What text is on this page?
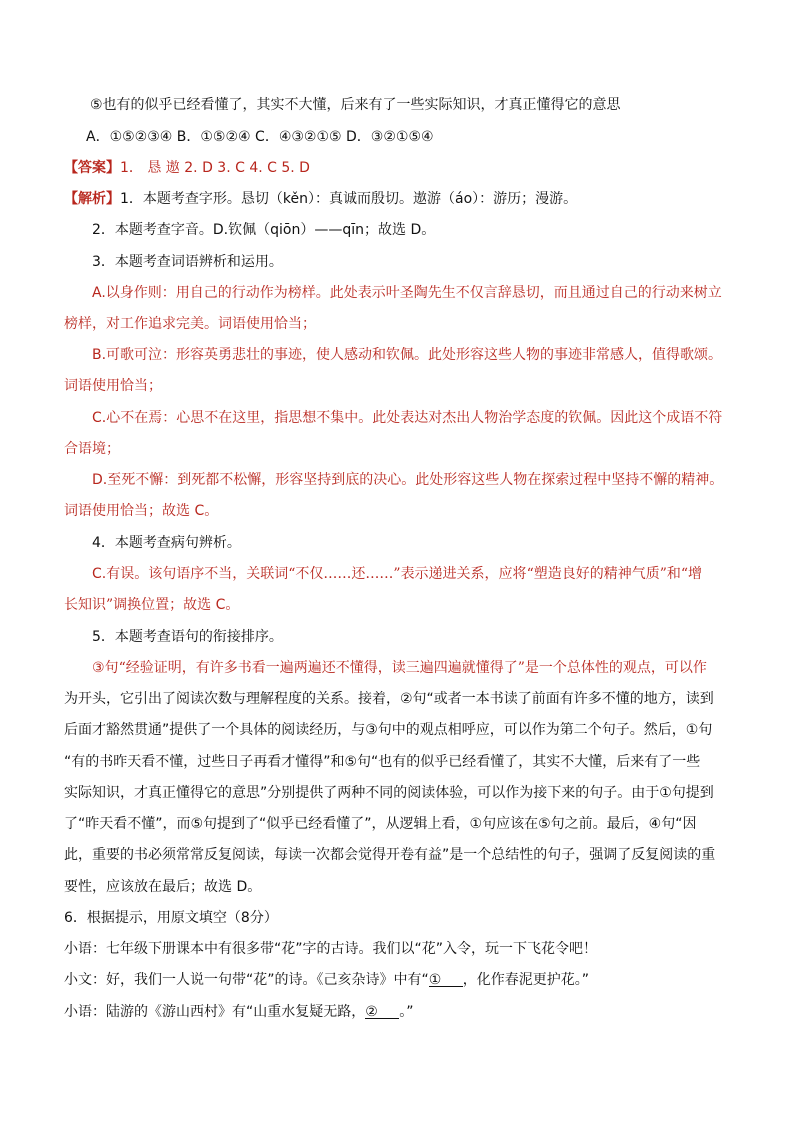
⑤也有的似乎已经看懂了，其实不大懂，后来有了一些实际知识，才真正懂得它的意思
A．①⑤②③④ B．①⑤②④ C．④③②①⑤ D．③②①⑤④
【答案】1． 恳 遨 2. D 3. C 4. C 5. D
【解析】1．本题考查字形。恳切（kěn）：真诚而殷切。遨游（áo）：游历；漫游。
2．本题考查字音。D.钦佩（qiōn）——qīn；故选 D。
3．本题考查词语辨析和运用。
A.以身作则：用自己的行动作为榜样。此处表示叶圣陶先生不仅言辞恳切，而且通过自己的行动来树立
榜样，对工作追求完美。词语使用恰当；
B.可歌可泣：形容英勇悲壮的事迹，使人感动和钦佩。此处形容这些人物的事迹非常感人，值得歌颂。
词语使用恰当；
C.心不在焉：心思不在这里，指思想不集中。此处表达对杰出人物治学态度的钦佩。因此这个成语不符
合语境；
D.至死不懈：到死都不松懈，形容坚持到底的决心。此处形容这些人物在探索过程中坚持不懈的精神。
词语使用恰当；故选 C。
4．本题考查病句辨析。
C.有误。该句语序不当，关联词“不仅……还……”表示递进关系，应将“塑造良好的精神气质”和“增
长知识”调换位置；故选 C。
5．本题考查语句的衔接排序。
③句“经验证明，有许多书看一遍两遍还不懂得，读三遍四遍就懂得了”是一个总体性的观点，可以作
为开头，它引出了阅读次数与理解程度的关系。接着，②句“或者一本书读了前面有许多不懂的地方，读到
后面才豁然贯通”提供了一个具体的阅读经历，与③句中的观点相呼应，可以作为第二个句子。然后，①句
“有的书昨天看不懂，过些日子再看才懂得”和⑤句“也有的似乎已经看懂了，其实不大懂，后来有了一些
实际知识，才真正懂得它的意思”分别提供了两种不同的阅读体验，可以作为接下来的句子。由于①句提到
了“昨天看不懂”，而⑤句提到了“似乎已经看懂了”，从逻辑上看，①句应该在⑤句之前。最后，④句“因
此，重要的书必须常常反复阅读，每读一次都会觉得开卷有益”是一个总结性的句子，强调了反复阅读的重
要性，应该放在最后；故选 D。
6．根据提示，用原文填空（8分）
小语：七年级下册课本中有很多带“花”字的古诗。我们以“花”入令，玩一下飞花令吧！
小文：好，我们一人说一句带“花”的诗。《己亥杂诗》中有“① ，化作春泥更护花。”
小语：陆游的《游山西村》有“山重水复疑无路，② 。”
